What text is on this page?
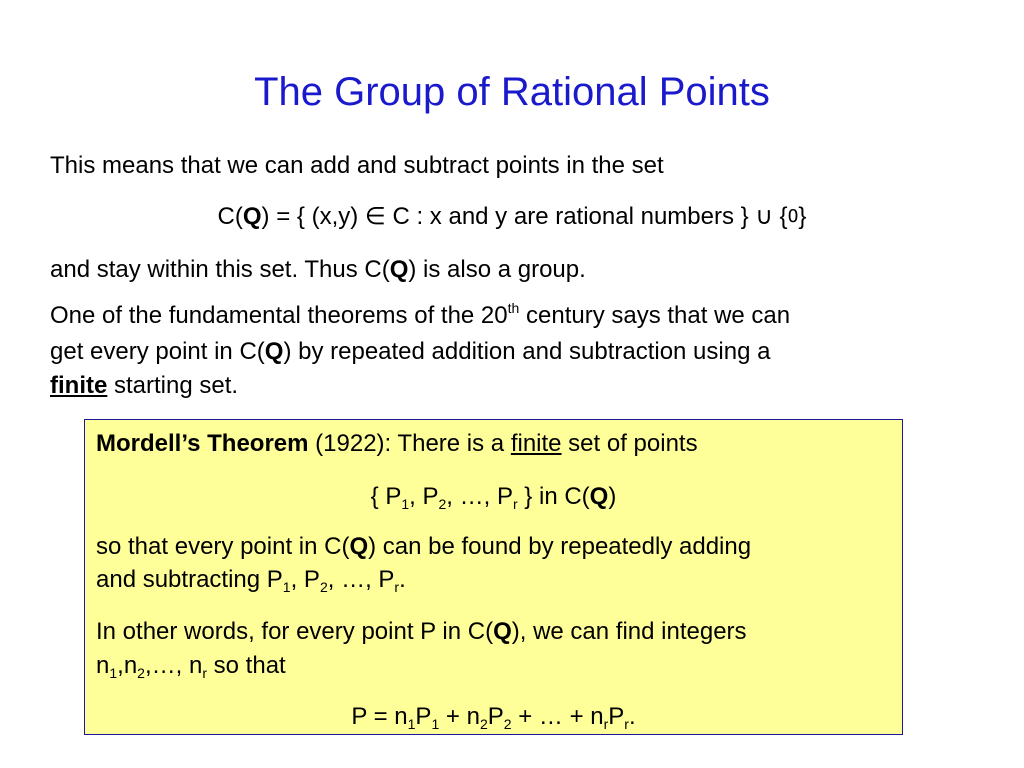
The Group of Rational Points
This means that we can add and subtract points in the set
C(Q) = { (x,y) ∈ C : x and y are rational numbers } ∪ {O}
and stay within this set. Thus C(Q) is also a group.
One of the fundamental theorems of the 20th century says that we can
get every point in C(Q) by repeated addition and subtraction using a
finite starting set.
Mordell’s Theorem (1922): There is a finite set of points
{ $P_1$, $P_2$, …, $P_r$ } in C(Q)
so that every point in C(Q) can be found by repeatedly adding
and subtracting $P_1$, $P_2$, …, $P_r$.
In other words, for every point P in C(Q), we can find integers
$n_1,n_2,\dots$, $n_r$ so that
$P = n_1P_1 + n_2P_2$ + … + $n_rP_r$.
